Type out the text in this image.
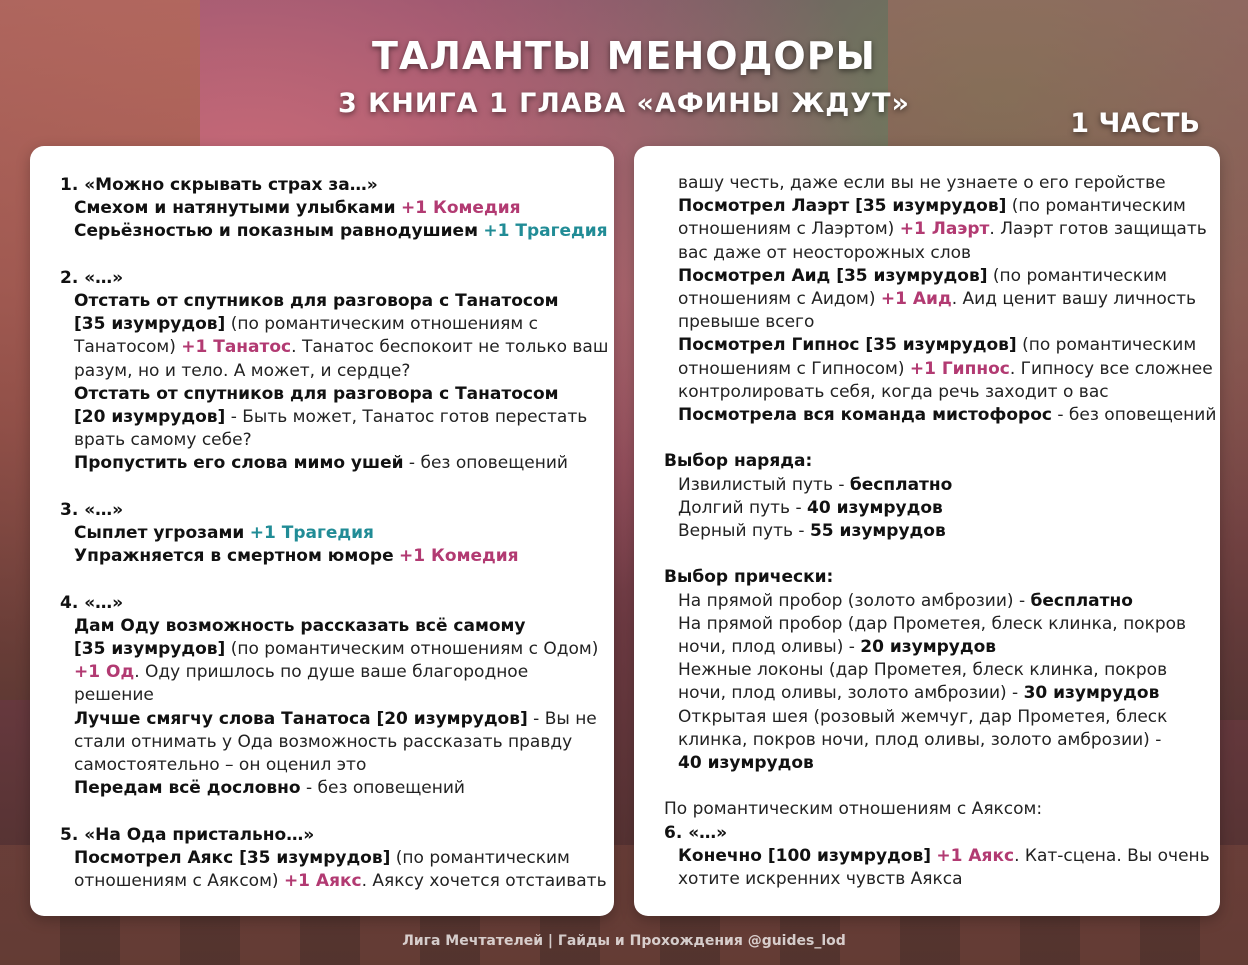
ТАЛАНТЫ МЕНОДОРЫ
3 КНИГА 1 ГЛАВА «АФИНЫ ЖДУТ»
1 ЧАСТЬ
1. «Можно скрывать страх за…»
Смехом и натянутыми улыбками +1 Комедия
Серьёзностью и показным равнодушием +1 Трагедия
2. «…»
Отстать от спутников для разговора с Танатосом
[35 изумрудов] (по романтическим отношениям с
Танатосом) +1 Танатос. Танатос беспокоит не только ваш
разум, но и тело. А может, и сердце?
Отстать от спутников для разговора с Танатосом
[20 изумрудов] - Быть может, Танатос готов перестать
врать самому себе?
Пропустить его слова мимо ушей - без оповещений
3. «…»
Сыплет угрозами +1 Трагедия
Упражняется в смертном юморе +1 Комедия
4. «…»
Дам Оду возможность рассказать всё самому
[35 изумрудов] (по романтическим отношениям с Одом)
+1 Од. Оду пришлось по душе ваше благородное
решение
Лучше смягчу слова Танатоса [20 изумрудов] - Вы не
стали отнимать у Ода возможность рассказать правду
самостоятельно – он оценил это
Передам всё дословно - без оповещений
5. «На Ода пристально…»
Посмотрел Аякс [35 изумрудов] (по романтическим
отношениям с Аяксом) +1 Аякс. Аяксу хочется отстаивать
вашу честь, даже если вы не узнаете о его геройстве
Посмотрел Лаэрт [35 изумрудов] (по романтическим
отношениям с Лаэртом) +1 Лаэрт. Лаэрт готов защищать
вас даже от неосторожных слов
Посмотрел Аид [35 изумрудов] (по романтическим
отношениям с Аидом) +1 Аид. Аид ценит вашу личность
превыше всего
Посмотрел Гипнос [35 изумрудов] (по романтическим
отношениям с Гипносом) +1 Гипнос. Гипносу все сложнее
контролировать себя, когда речь заходит о вас
Посмотрела вся команда мистофорос - без оповещений
Выбор наряда:
Извилистый путь - бесплатно
Долгий путь - 40 изумрудов
Верный путь - 55 изумрудов
Выбор прически:
На прямой пробор (золото амброзии) - бесплатно
На прямой пробор (дар Прометея, блеск клинка, покров
ночи, плод оливы) - 20 изумрудов
Нежные локоны (дар Прометея, блеск клинка, покров
ночи, плод оливы, золото амброзии) - 30 изумрудов
Открытая шея (розовый жемчуг, дар Прометея, блеск
клинка, покров ночи, плод оливы, золото амброзии) -
40 изумрудов
По романтическим отношениям с Аяксом:
6. «…»
Конечно [100 изумрудов] +1 Аякс. Кат-сцена. Вы очень
хотите искренних чувств Аякса
Лига Мечтателей | Гайды и Прохождения @guides_lod
